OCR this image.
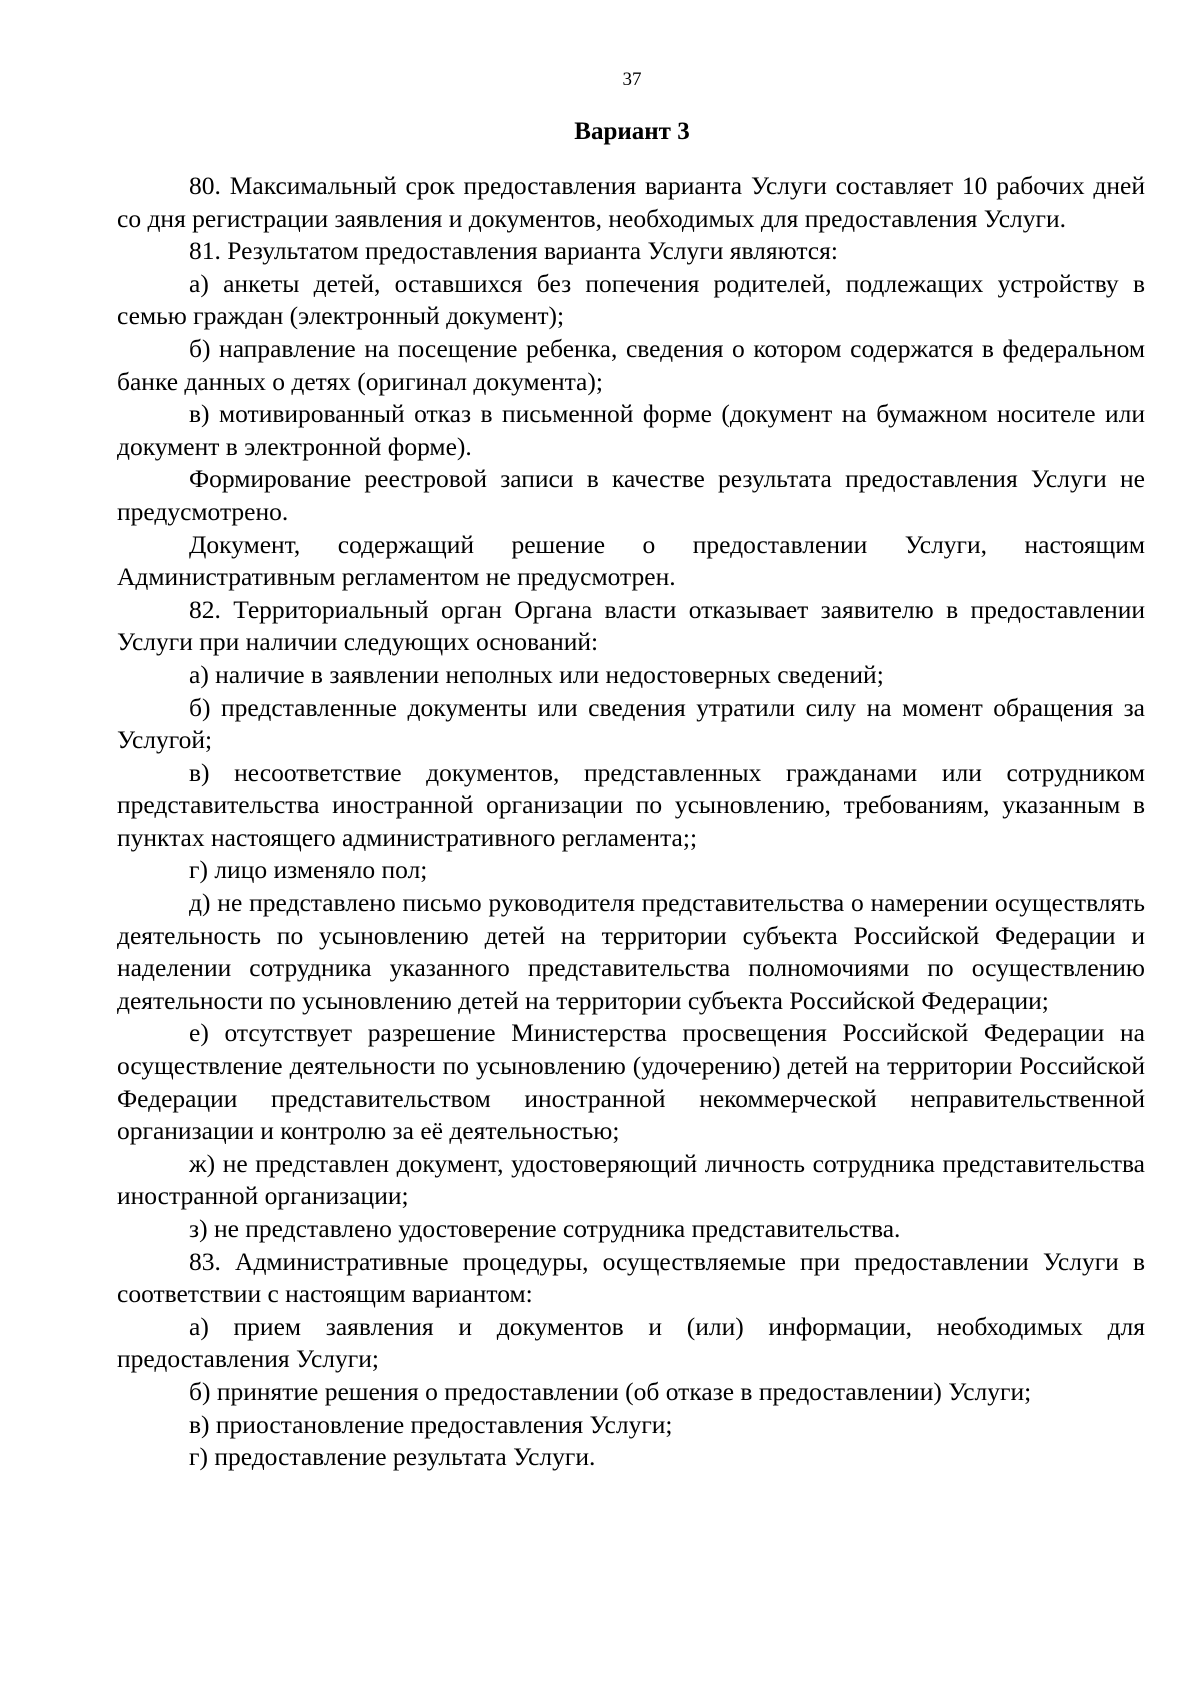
37
Вариант 3

80. Максимальный срок предоставления варианта Услуги составляет 10 рабочих дней со дня регистрации заявления и документов, необходимых для предоставления Услуги.

81. Результатом предоставления варианта Услуги являются:

а) анкеты детей, оставшихся без попечения родителей, подлежащих устройству в семью граждан (электронный документ);

б) направление на посещение ребенка, сведения о котором содержатся в федеральном банке данных о детях (оригинал документа);

в) мотивированный отказ в письменной форме (документ на бумажном носителе или документ в электронной форме).

Формирование реестровой записи в качестве результата предоставления Услуги не предусмотрено.

Документ, содержащий решение о предоставлении Услуги, настоящим Административным регламентом не предусмотрен.

82. Территориальный орган Органа власти отказывает заявителю в предоставлении Услуги при наличии следующих оснований:

а) наличие в заявлении неполных или недостоверных сведений;

б) представленные документы или сведения утратили силу на момент обращения за Услугой;

в) несоответствие документов, представленных гражданами или сотрудником представительства иностранной организации по усыновлению, требованиям, указанным в пунктах настоящего административного регламента;;

г) лицо изменяло пол;

д) не представлено письмо руководителя представительства о намерении осуществлять деятельность по усыновлению детей на территории субъекта Российской Федерации и наделении сотрудника указанного представительства полномочиями по осуществлению деятельности по усыновлению детей на территории субъекта Российской Федерации;

е) отсутствует разрешение Министерства просвещения Российской Федерации на осуществление деятельности по усыновлению (удочерению) детей на территории Российской Федерации представительством иностранной некоммерческой неправительственной организации и контролю за её деятельностью;

ж) не представлен документ, удостоверяющий личность сотрудника представительства иностранной организации;

з) не представлено удостоверение сотрудника представительства.

83. Административные процедуры, осуществляемые при предоставлении Услуги в соответствии с настоящим вариантом:

а) прием заявления и документов и (или) информации, необходимых для предоставления Услуги;

б) принятие решения о предоставлении (об отказе в предоставлении) Услуги;

в) приостановление предоставления Услуги;

г) предоставление результата Услуги.
